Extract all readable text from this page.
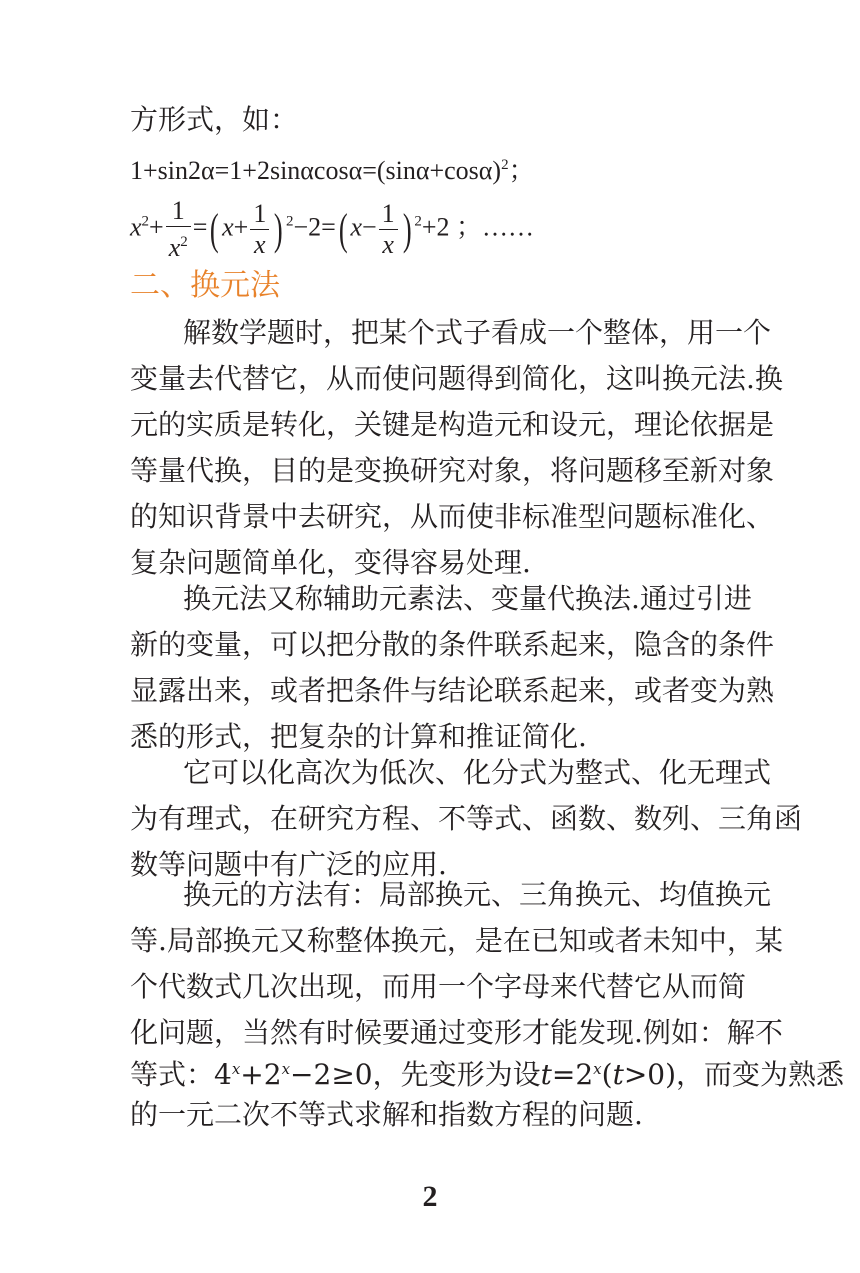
方形式，如：
$1+\sin 2\alpha=1+2\sin\alpha\cos\alpha=(\sin\alpha+\cos\alpha)^2$；
$x^2+ \frac{1}{x^2}$ =( $x+ \frac{1}{x}$ ) $^2$−2=( $x- \frac{1}{x}$ ) $^2$+2 ；……
二、换元法
解数学题时，把某个式子看成一个整体，用一个
变量去代替它，从而使问题得到简化，这叫换元法.换
元的实质是转化，关键是构造元和设元，理论依据是
等量代换，目的是变换研究对象，将问题移至新对象
的知识背景中去研究，从而使非标准型问题标准化、
复杂问题简单化，变得容易处理.
换元法又称辅助元素法、变量代换法.通过引进
新的变量，可以把分散的条件联系起来，隐含的条件
显露出来，或者把条件与结论联系起来，或者变为熟
悉的形式，把复杂的计算和推证简化.
它可以化高次为低次、化分式为整式、化无理式
为有理式，在研究方程、不等式、函数、数列、三角函
数等问题中有广泛的应用.
换元的方法有：局部换元、三角换元、均值换元
等.局部换元又称整体换元，是在已知或者未知中，某
个代数式几次出现，而用一个字母来代替它从而简
化问题，当然有时候要通过变形才能发现.例如：解不
等式：$4^x+2^x-2\ge 0$，先变形为设$t=2^x(t>0)$，而变为熟悉
的一元二次不等式求解和指数方程的问题.
2
